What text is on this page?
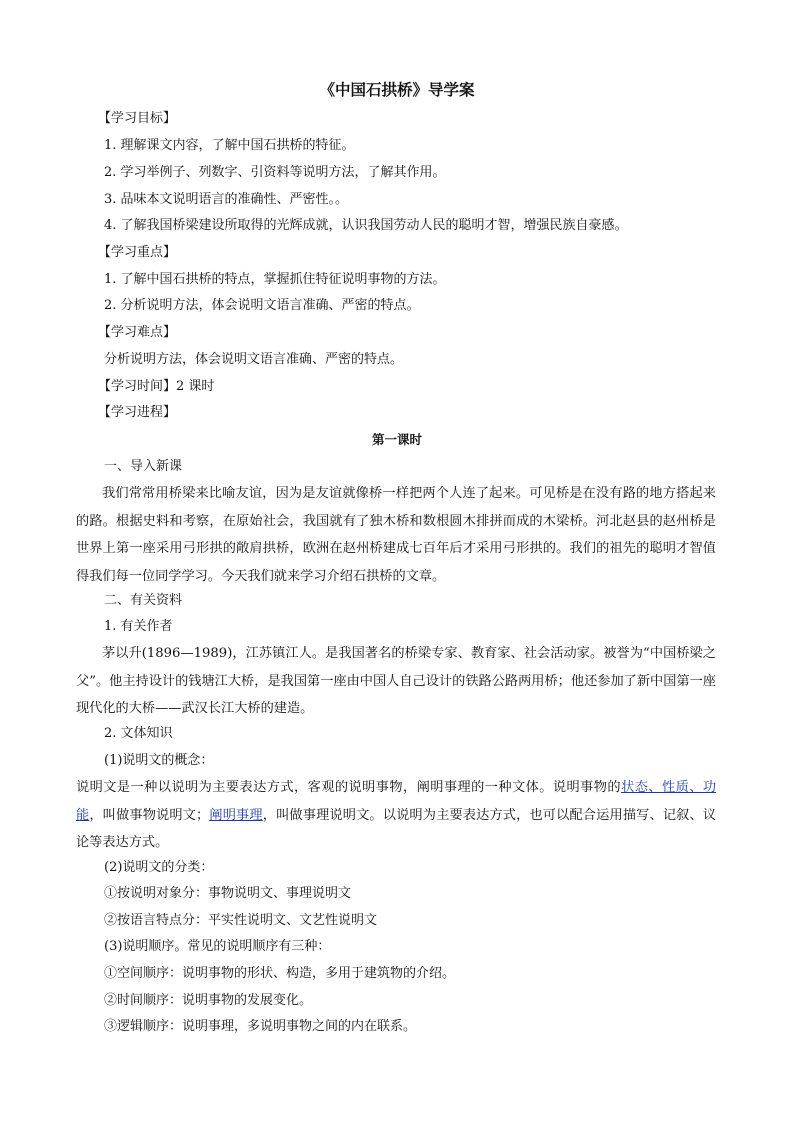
《中国石拱桥》导学案
【学习目标】
1. 理解课文内容，了解中国石拱桥的特征。
2. 学习举例子、列数字、引资料等说明方法，了解其作用。
3. 品味本文说明语言的准确性、严密性。。
4. 了解我国桥梁建设所取得的光辉成就，认识我国劳动人民的聪明才智，增强民族自豪感。
【学习重点】
1. 了解中国石拱桥的特点，掌握抓住特征说明事物的方法。
2. 分析说明方法，体会说明文语言准确、严密的特点。
【学习难点】
分析说明方法，体会说明文语言准确、严密的特点。
【学习时间】2 课时
【学习进程】
第一课时
一、导入新课
我们常常用桥梁来比喻友谊，因为是友谊就像桥一样把两个人连了起来。可见桥是在没有路的地方搭起来的路。根据史料和考察，在原始社会，我国就有了独木桥和数根圆木排拼而成的木梁桥。河北赵县的赵州桥是世界上第一座采用弓形拱的敞肩拱桥，欧洲在赵州桥建成七百年后才采用弓形拱的。我们的祖先的聪明才智值得我们每一位同学学习。今天我们就来学习介绍石拱桥的文章。
二、有关资料
1. 有关作者
茅以升(1896—1989)，江苏镇江人。是我国著名的桥梁专家、教育家、社会活动家。被誉为“中国桥梁之父”。他主持设计的钱塘江大桥，是我国第一座由中国人自己设计的铁路公路两用桥；他还参加了新中国第一座现代化的大桥——武汉长江大桥的建造。
2. 文体知识
(1)说明文的概念：
说明文是一种以说明为主要表达方式，客观的说明事物，阐明事理的一种文体。说明事物的状态、性质、功能，叫做事物说明文；阐明事理，叫做事理说明文。以说明为主要表达方式，也可以配合运用描写、记叙、议论等表达方式。
(2)说明文的分类：
①按说明对象分：事物说明文、事理说明文
②按语言特点分：平实性说明文、文艺性说明文
(3)说明顺序。常见的说明顺序有三种：
①空间顺序：说明事物的形状、构造，多用于建筑物的介绍。
②时间顺序：说明事物的发展变化。
③逻辑顺序：说明事理，多说明事物之间的内在联系。
